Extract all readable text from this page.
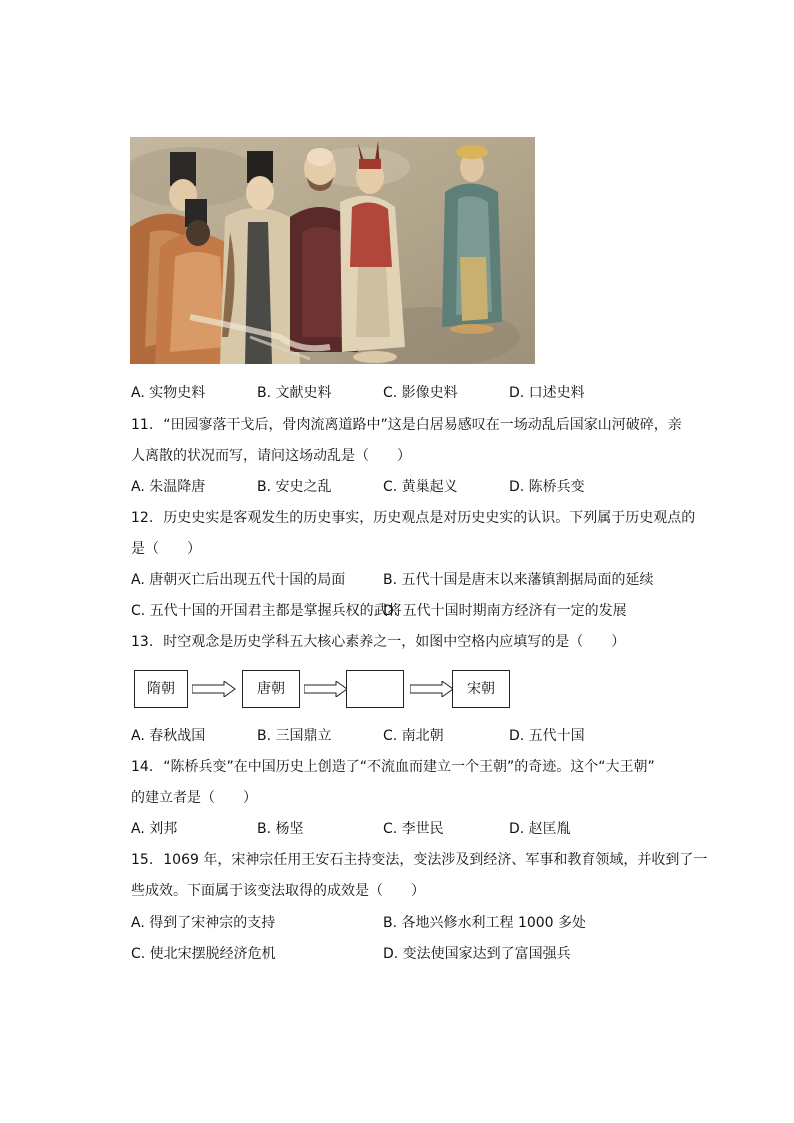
A. 实物史料	B. 文献史料	C. 影像史料	D. 口述史料
11. “田园寥落干戈后，骨肉流离道路中”这是白居易感叹在一场动乱后国家山河破碎，亲
人离散的状况而写，请问这场动乱是（　　）
A. 朱温降唐	B. 安史之乱	C. 黄巢起义	D. 陈桥兵变
12. 历史史实是客观发生的历史事实，历史观点是对历史史实的认识。下列属于历史观点的
是（　　）
A. 唐朝灭亡后出现五代十国的局面	B. 五代十国是唐末以来藩镇割据局面的延续
C. 五代十国的开国君主都是掌握兵权的武将D. 五代十国时期南方经济有一定的发展
13. 时空观念是历史学科五大核心素养之一，如图中空格内应填写的是（　　）
隋朝	唐朝	宋朝
A. 春秋战国	B. 三国鼎立	C. 南北朝	D. 五代十国
14. “陈桥兵变”在中国历史上创造了“不流血而建立一个王朝”的奇迹。这个“大王朝”
的建立者是（　　）
A. 刘邦	B. 杨坚	C. 李世民	D. 赵匡胤
15. 1069 年，宋神宗任用王安石主持变法，变法涉及到经济、军事和教育领域，并收到了一
些成效。下面属于该变法取得的成效是（　　）
A. 得到了宋神宗的支持	B. 各地兴修水利工程 1000 多处
C. 使北宋摆脱经济危机	D. 变法使国家达到了富国强兵
